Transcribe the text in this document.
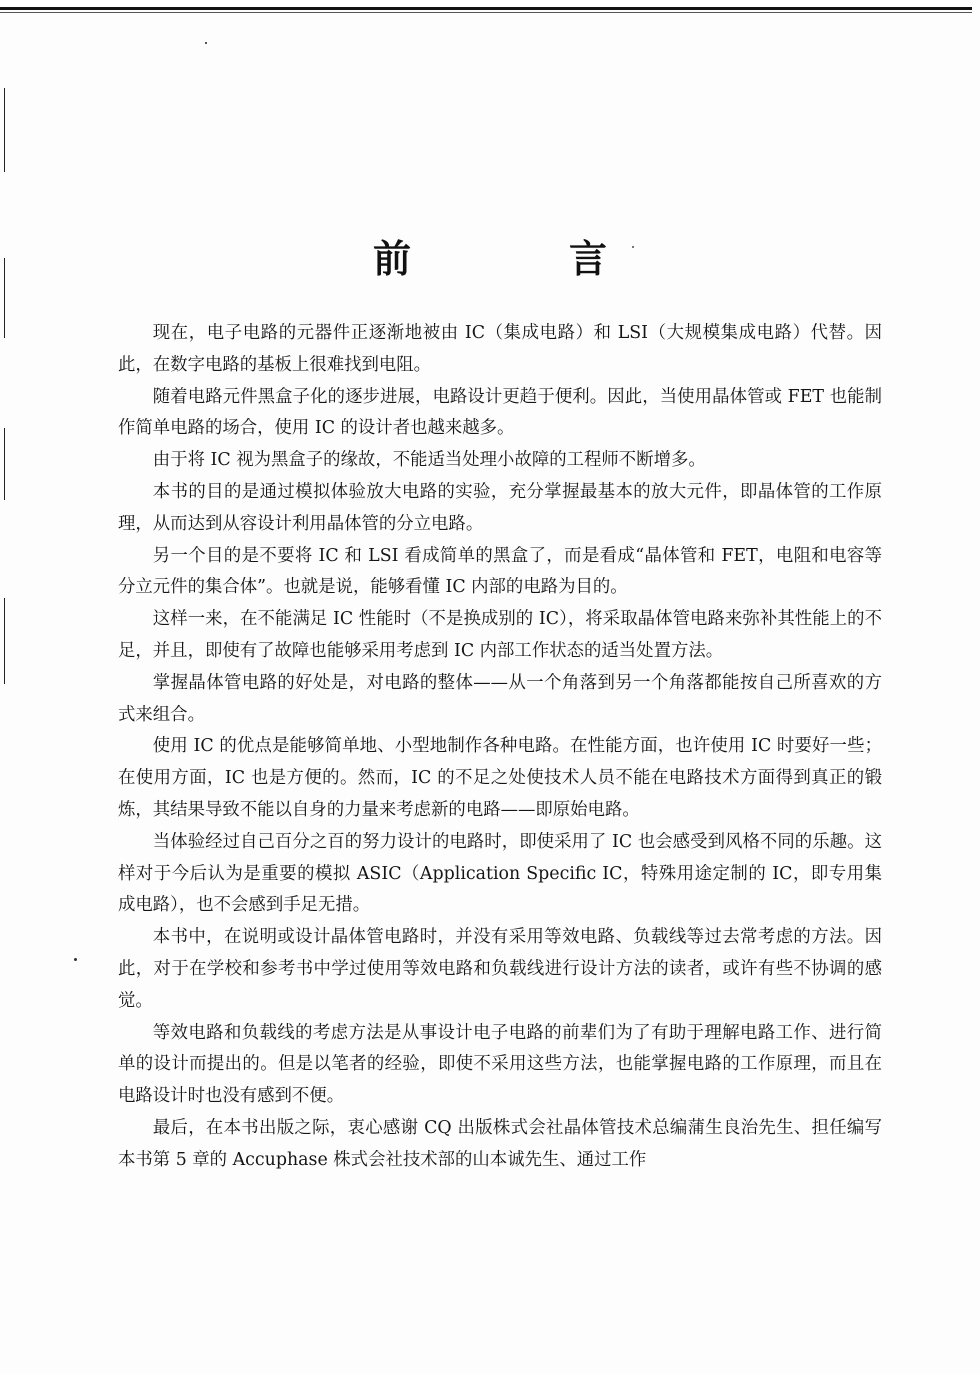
前　言

现在，电子电路的元器件正逐渐地被由 IC（集成电路）和 LSI（大规模集成电路）代替。因此，在数字电路的基板上很难找到电阻。

随着电路元件黑盒子化的逐步进展，电路设计更趋于便利。因此，当使用晶体管或 FET 也能制作简单电路的场合，使用 IC 的设计者也越来越多。

由于将 IC 视为黑盒子的缘故，不能适当处理小故障的工程师不断增多。

本书的目的是通过模拟体验放大电路的实验，充分掌握最基本的放大元件，即晶体管的工作原理，从而达到从容设计利用晶体管的分立电路。

另一个目的是不要将 IC 和 LSI 看成简单的黑盒了，而是看成“晶体管和 FET，电阻和电容等分立元件的集合体”。也就是说，能够看懂 IC 内部的电路为目的。

这样一来，在不能满足 IC 性能时（不是换成别的 IC），将采取晶体管电路来弥补其性能上的不足，并且，即使有了故障也能够采用考虑到 IC 内部工作状态的适当处置方法。

掌握晶体管电路的好处是，对电路的整体——从一个角落到另一个角落都能按自己所喜欢的方式来组合。

使用 IC 的优点是能够简单地、小型地制作各种电路。在性能方面，也许使用 IC 时要好一些；在使用方面，IC 也是方便的。然而，IC 的不足之处使技术人员不能在电路技术方面得到真正的锻炼，其结果导致不能以自身的力量来考虑新的电路——即原始电路。

当体验经过自己百分之百的努力设计的电路时，即使采用了 IC 也会感受到风格不同的乐趣。这样对于今后认为是重要的模拟 ASIC（Application Specific IC，特殊用途定制的 IC，即专用集成电路），也不会感到手足无措。

本书中，在说明或设计晶体管电路时，并没有采用等效电路、负载线等过去常考虑的方法。因此，对于在学校和参考书中学过使用等效电路和负载线进行设计方法的读者，或许有些不协调的感觉。

等效电路和负载线的考虑方法是从事设计电子电路的前辈们为了有助于理解电路工作、进行简单的设计而提出的。但是以笔者的经验，即使不采用这些方法，也能掌握电路的工作原理，而且在电路设计时也没有感到不便。

最后，在本书出版之际，衷心感谢 CQ 出版株式会社晶体管技术总编蒲生良治先生、担任编写本书第 5 章的 Accuphase 株式会社技术部的山本诚先生、通过工作
